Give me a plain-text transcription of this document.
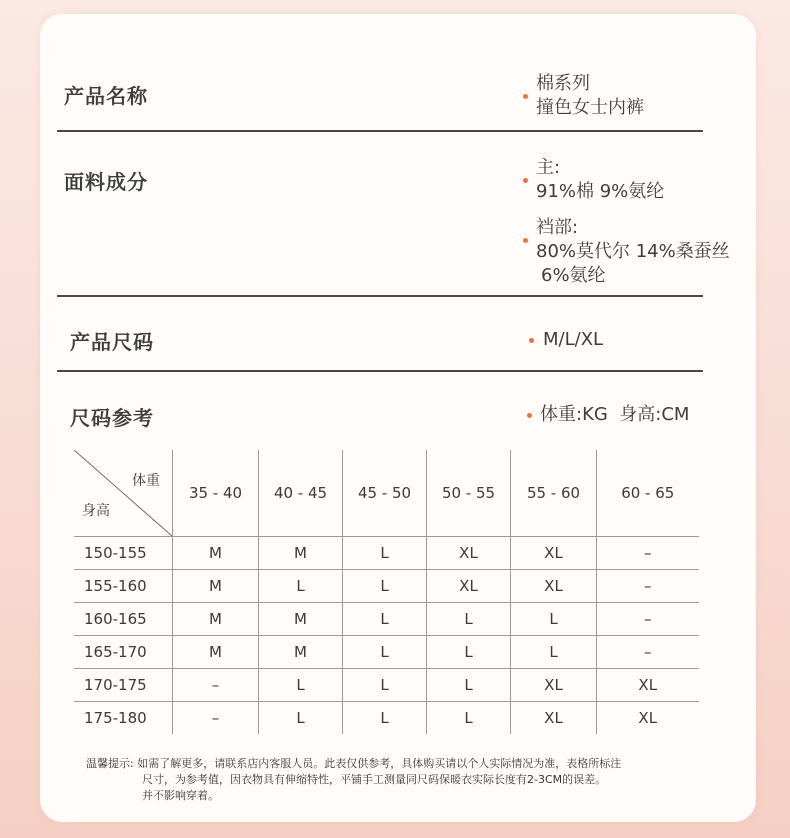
产品名称
棉系列
撞色女士内裤
面料成分
主:
91%棉 9%氨纶
裆部:
80%莫代尔 14%桑蚕丝
6%氨纶
产品尺码	M/L/XL
尺码参考	体重:KG  身高:CM
体重
身高	35 - 40	40 - 45	45 - 50	50 - 55	55 - 60	60 - 65
150-155	M	M	L	XL	XL	–
155-160	M	L	L	XL	XL	–
160-165	M	M	L	L	L	–
165-170	M	M	L	L	L	–
170-175	–	L	L	L	XL	XL
175-180	–	L	L	L	XL	XL
温馨提示: 如需了解更多，请联系店内客服人员。此表仅供参考，具体购买请以个人实际情况为准，表格所标注
尺寸，为参考值，因衣物具有伸缩特性，平铺手工测量同尺码保暖衣实际长度有2-3CM的误差。
并不影响穿着。
